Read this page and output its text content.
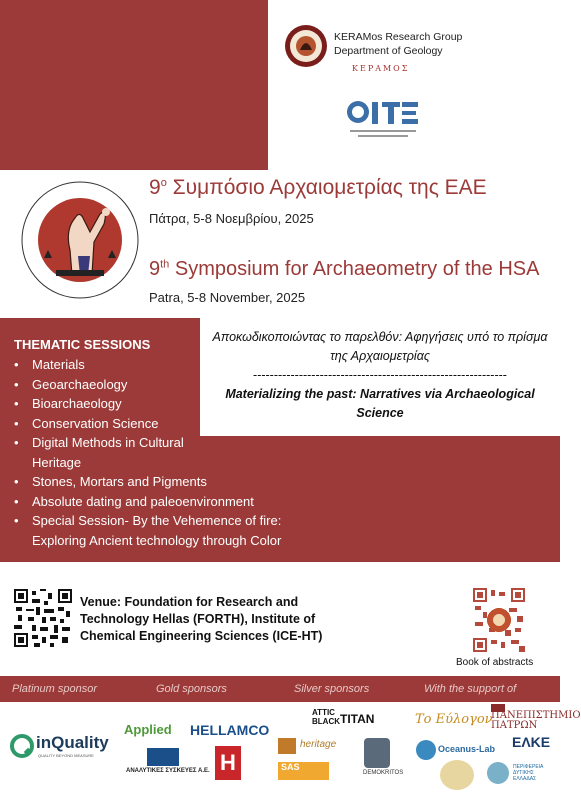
KERAMos Research Group
Department of Geology
ΚΕΡΑΜΟΣ
$9^o$ Συμπόσιο Αρχαιομετρίας της ΕΑΕ
Πάτρα, 5-8 Νοεμβρίου, 2025
9th Symposium for Archaeometry of the HSA
Patra, 5-8 November, 2025
Αποκωδικοποιώντας το παρελθόν: Αφηγήσεις υπό το πρίσμα της Αρχαιομετρίας
-------------------------------------------------------------
Materializing the past: Narratives via Archaeological Science
THEMATIC SESSIONS
• Materials
• Geoarchaeology
• Bioarchaeology
• Conservation Science
• Digital Methods in Cultural Heritage
• Stones, Mortars and Pigments
• Absolute dating and paleoenvironment
• Special Session- By the Vehemence of fire: Exploring Ancient technology through Color
Venue: Foundation for Research and Technology Hellas (FORTH), Institute of Chemical Engineering Sciences (ICE-HT)
Book of abstracts
Platinum sponsor	Gold sponsors	Silver sponsors	With the support of
inQuality
QUALITY BEYOND MEASURE
Applied HELLAMCO
ΑΝΑΛΥΤΙΚΕΣ ΣΥΣΚΕΥΕΣ Α.Ε. H
ATTIC BLACK TITAN
heritage
SAS
DEMOKRITOS
Το Εύλογον
ΠΑΝΕΠΙΣΤΗΜΙΟ ΠΑΤΡΩΝ
Oceanus-Lab ΕΛΚΕ
ΠΕΡΙΦΕΡΕΙΑ ΔΥΤΙΚΗΣ ΕΛΛΑΔΑΣ
